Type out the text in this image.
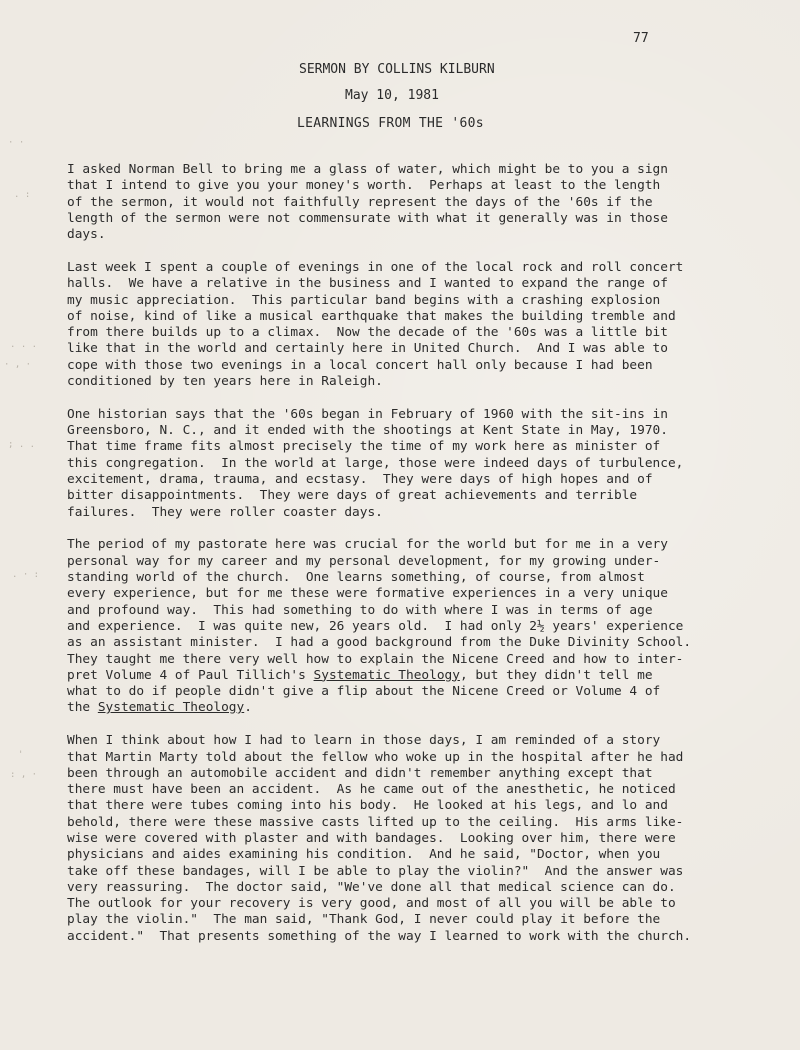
· ·
. :
. . .
· , ·
; . .
. · :
'
: , ·
77
SERMON BY COLLINS KILBURN
May 10, 1981
LEARNINGS FROM THE '60s
I asked Norman Bell to bring me a glass of water, which might be to you a sign
that I intend to give you your money's worth.  Perhaps at least to the length
of the sermon, it would not faithfully represent the days of the '60s if the
length of the sermon were not commensurate with what it generally was in those
days.
Last week I spent a couple of evenings in one of the local rock and roll concert
halls.  We have a relative in the business and I wanted to expand the range of
my music appreciation.  This particular band begins with a crashing explosion
of noise, kind of like a musical earthquake that makes the building tremble and
from there builds up to a climax.  Now the decade of the '60s was a little bit
like that in the world and certainly here in United Church.  And I was able to
cope with those two evenings in a local concert hall only because I had been
conditioned by ten years here in Raleigh.
One historian says that the '60s began in February of 1960 with the sit-ins in
Greensboro, N. C., and it ended with the shootings at Kent State in May, 1970.
That time frame fits almost precisely the time of my work here as minister of
this congregation.  In the world at large, those were indeed days of turbulence,
excitement, drama, trauma, and ecstasy.  They were days of high hopes and of
bitter disappointments.  They were days of great achievements and terrible
failures.  They were roller coaster days.
The period of my pastorate here was crucial for the world but for me in a very
personal way for my career and my personal development, for my growing under-
standing world of the church.  One learns something, of course, from almost
every experience, but for me these were formative experiences in a very unique
and profound way.  This had something to do with where I was in terms of age
and experience.  I was quite new, 26 years old.  I had only 2½ years' experience
as an assistant minister.  I had a good background from the Duke Divinity School.
They taught me there very well how to explain the Nicene Creed and how to inter-
pret Volume 4 of Paul Tillich's Systematic Theology, but they didn't tell me
what to do if people didn't give a flip about the Nicene Creed or Volume 4 of
the Systematic Theology.
When I think about how I had to learn in those days, I am reminded of a story
that Martin Marty told about the fellow who woke up in the hospital after he had
been through an automobile accident and didn't remember anything except that
there must have been an accident.  As he came out of the anesthetic, he noticed
that there were tubes coming into his body.  He looked at his legs, and lo and
behold, there were these massive casts lifted up to the ceiling.  His arms like-
wise were covered with plaster and with bandages.  Looking over him, there were
physicians and aides examining his condition.  And he said, "Doctor, when you
take off these bandages, will I be able to play the violin?"  And the answer was
very reassuring.  The doctor said, "We've done all that medical science can do.
The outlook for your recovery is very good, and most of all you will be able to
play the violin."  The man said, "Thank God, I never could play it before the
accident."  That presents something of the way I learned to work with the church.
